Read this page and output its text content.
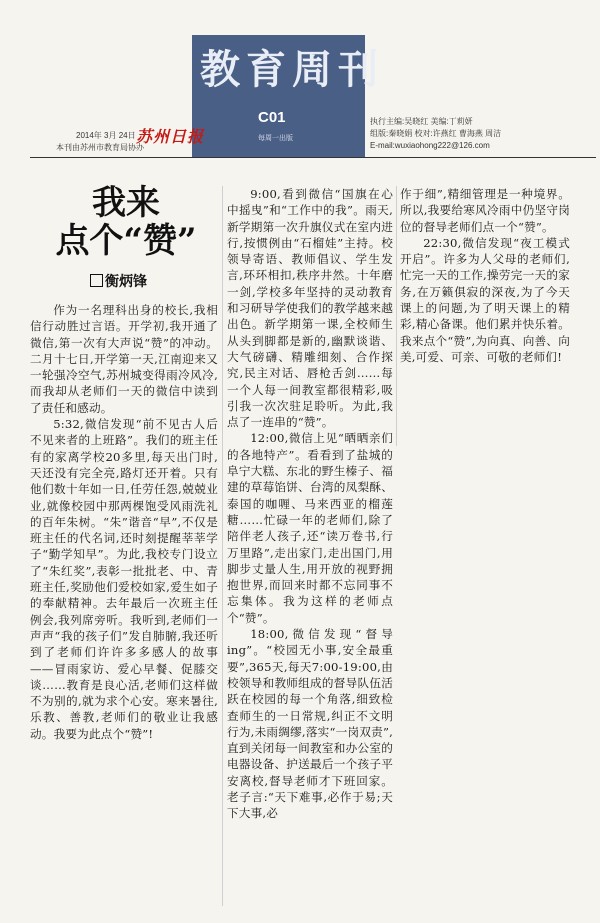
教育周刊
C01
每周一出版
2014年 3月 24日 苏州日报
本刊由苏州市教育局协办
执行主编:吴晓红 美编:丁莉妍
组版:秦晓娟 校对:许燕红 曹海燕 周洁
E-mail:wuxiaohong222@126.com
我来
点个“赞”
衡炳锋

作为一名理科出身的校长,我相信行动胜过言语。开学初,我开通了微信,第一次有大声说“赞”的冲动。二月十七日,开学第一天,江南迎来又一轮强冷空气,苏州城变得雨冷风冷,而我却从老师们一天的微信中读到了责任和感动。

5:32,微信发现“前不见古人后不见来者的上班路”。我们的班主任有的家离学校20多里,每天出门时,天还没有完全亮,路灯还开着。只有他们数十年如一日,任劳任怨,兢兢业业,就像校园中那两棵饱受风雨洗礼的百年朱树。“朱”谐音“早”,不仅是班主任的代名词,还时刻提醒莘莘学子“勤学知早”。为此,我校专门设立了“朱红奖”,表彰一批批老、中、青班主任,奖励他们爱校如家,爱生如子的奉献精神。去年最后一次班主任例会,我列席旁听。我听到,老师们一声声“我的孩子们”发自肺腑,我还听到了老师们许许多多感人的故事——冒雨家访、爱心早餐、促膝交谈……教育是良心活,老师们这样做不为别的,就为求个心安。寒来暑往,乐教、善教,老师们的敬业让我感动。我要为此点个“赞”!

9:00,看到微信“国旗在心中摇曳”和“工作中的我”。雨天,新学期第一次升旗仪式在室内进行,按惯例由“石榴娃”主持。校领导寄语、教师倡议、学生发言,环环相扣,秩序井然。十年磨一剑,学校多年坚持的灵动教育和习研导学使我们的教学越来越出色。新学期第一课,全校师生从头到脚都是新的,幽默谈谐、大气磅礴、精雕细刻、合作探究,民主对话、唇枪舌剑……每一个人每一间教室都很精彩,吸引我一次次驻足聆听。为此,我点了一连串的“赞”。

12:00,微信上见“晒晒亲们的各地特产”。看看到了盐城的阜宁大糕、东北的野生榛子、福建的草莓馅饼、台湾的凤梨酥、泰国的咖喱、马来西亚的榴莲糖……忙碌一年的老师们,除了陪伴老人孩子,还“读万卷书,行万里路”,走出家门,走出国门,用脚步丈量人生,用开放的视野拥抱世界,而回来时都不忘同事不忘集体。我为这样的老师点个“赞”。

18:00,微信发现“督导ing”。“校园无小事,安全最重要”,365天,每天7:00-19:00,由校领导和教师组成的督导队伍活跃在校园的每一个角落,细致检查师生的一日常规,纠正不文明行为,未雨绸缪,落实“一岗双责”,直到关闭每一间教室和办公室的电器设备、护送最后一个孩子平安离校,督导老师才下班回家。老子言:“天下难事,必作于易;天下大事,必

作于细”,精细管理是一种境界。所以,我要给寒风冷雨中仍坚守岗位的督导老师们点一个“赞”。

22:30,微信发现“夜工模式开启”。许多为人父母的老师们,忙完一天的工作,操劳完一天的家务,在万籁俱寂的深夜,为了今天课上的问题,为了明天课上的精彩,精心备课。他们累并快乐着。我来点个“赞”,为向真、向善、向美,可爱、可亲、可敬的老师们!
